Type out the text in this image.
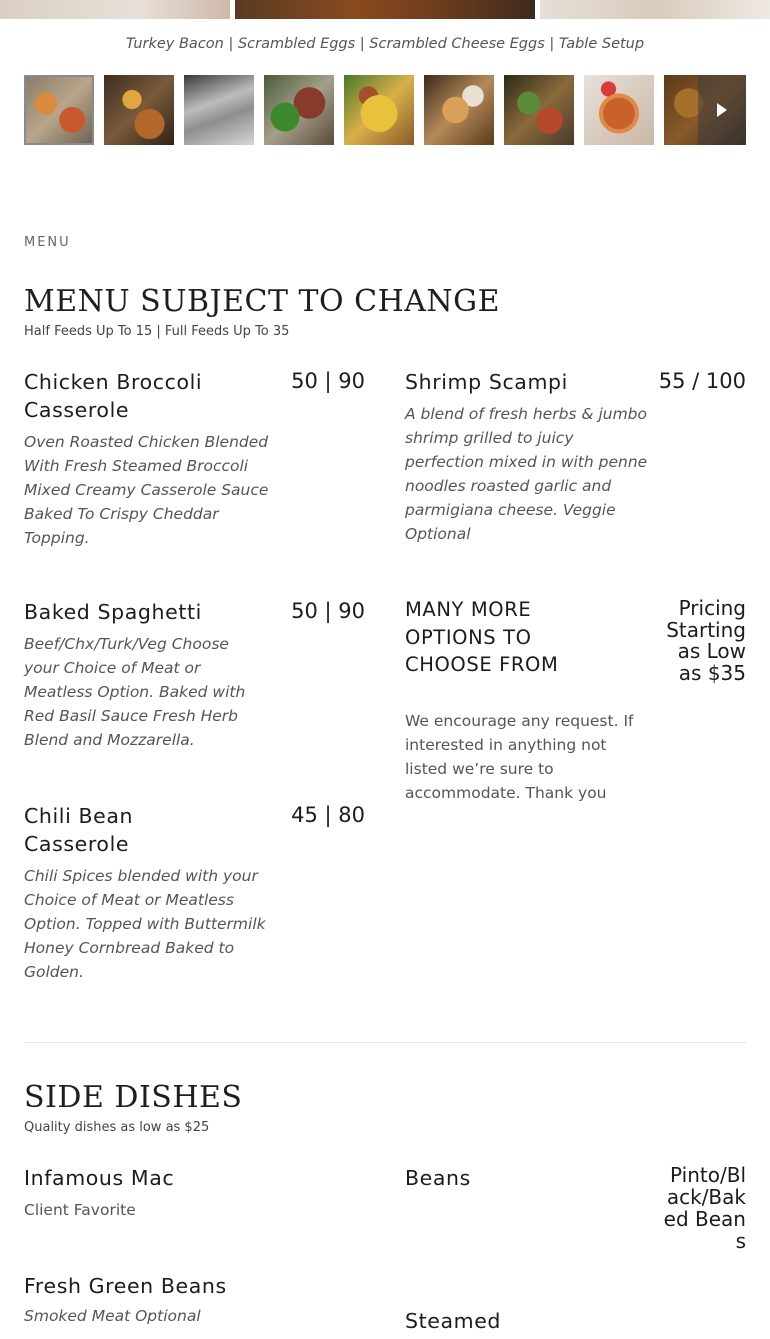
Turkey Bacon | Scrambled Eggs | Scrambled Cheese Eggs | Table Setup
MENU
MENU SUBJECT TO CHANGE
Half Feeds Up To 15 | Full Feeds Up To 35
Chicken Broccoli Casserole
50 | 90
Oven Roasted Chicken Blended With Fresh Steamed Broccoli Mixed Creamy Casserole Sauce Baked To Crispy Cheddar Topping.
Shrimp Scampi	55 / 100
A blend of fresh herbs & jumbo shrimp grilled to juicy perfection mixed in with penne noodles roasted garlic and parmigiana cheese. Veggie Optional
Baked Spaghetti	50 | 90
Beef/Chx/Turk/Veg Choose your Choice of Meat or Meatless Option. Baked with Red Basil Sauce Fresh Herb Blend and Mozzarella.
MANY MORE OPTIONS TO CHOOSE FROM
Pricing Starting as Low as $35
We encourage any request. If interested in anything not listed we’re sure to accommodate. Thank you
Chili Bean Casserole
45 | 80
Chili Spices blended with your Choice of Meat or Meatless Option. Topped with Buttermilk Honey Cornbread Baked to Golden.
SIDE DISHES
Quality dishes as low as $25
Infamous Mac
Client Favorite
Beans	Pinto/Black/Baked Beans
Fresh Green Beans
Smoked Meat Optional	Steamed
